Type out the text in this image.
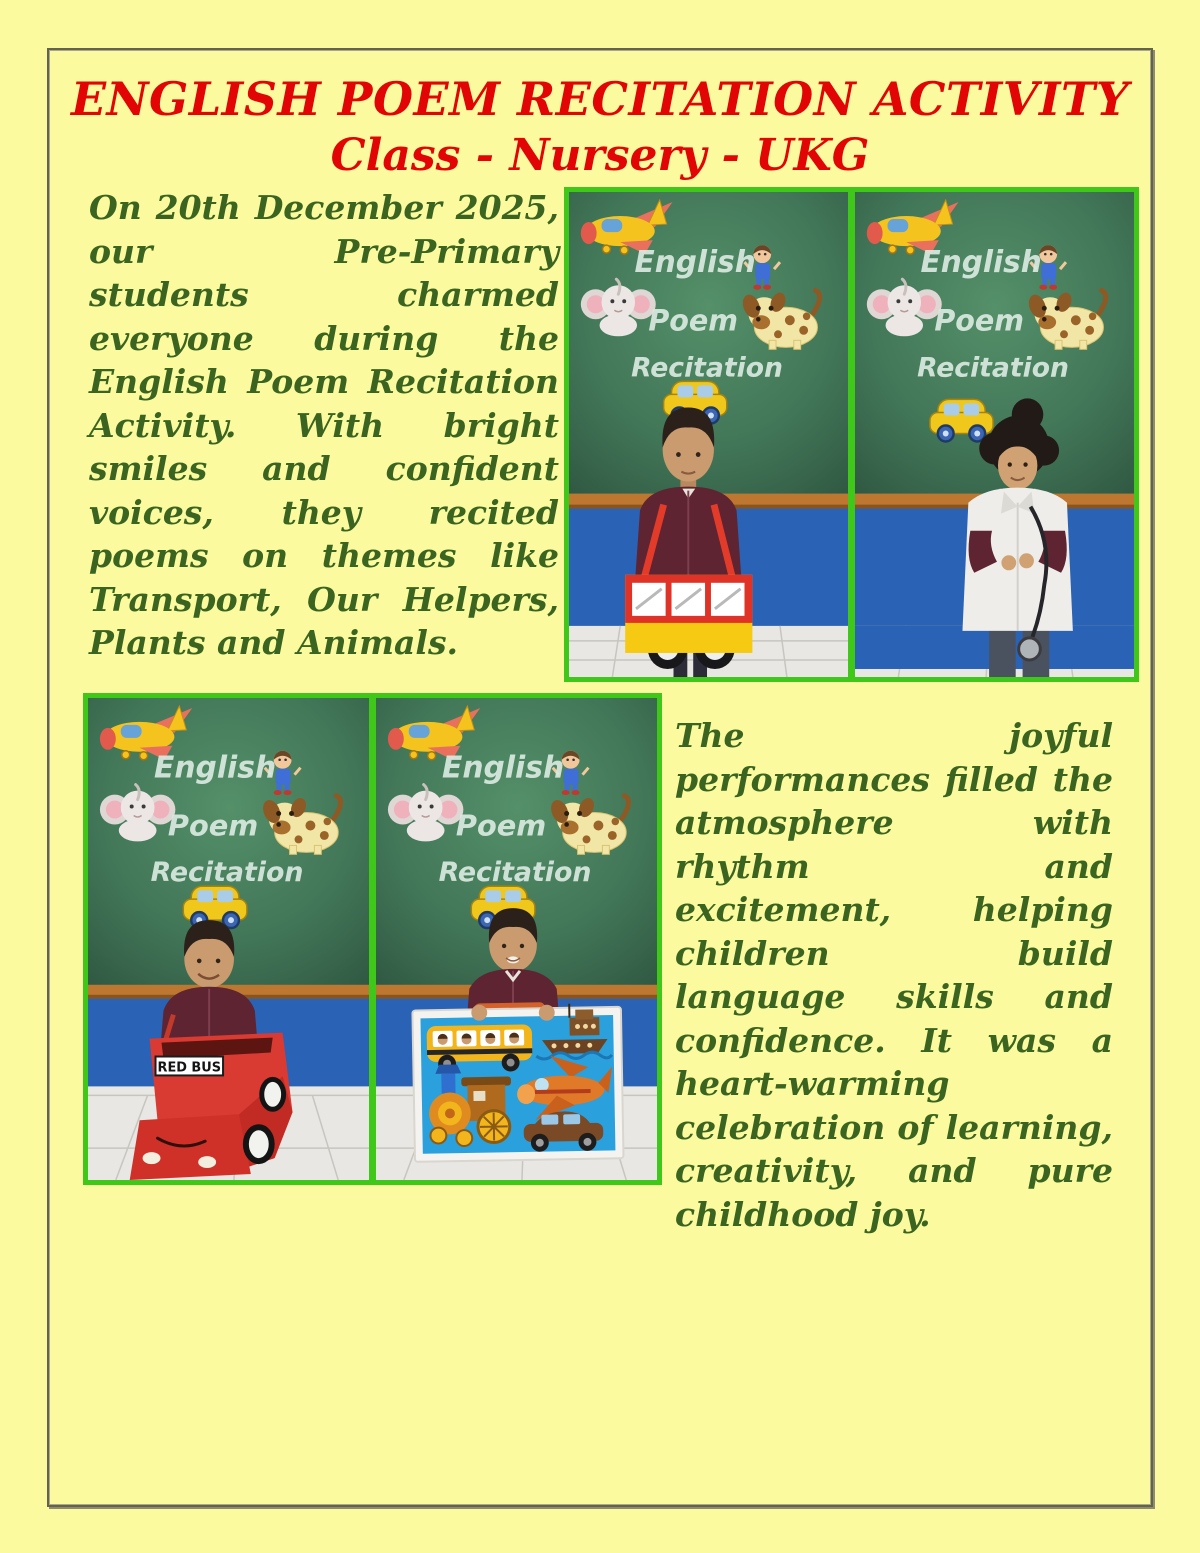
ENGLISH POEM RECITATION ACTIVITY
Class - Nursery - UKG

On 20th December 2025, our Pre-Primary students charmed everyone during the English Poem Recitation Activity. With bright smiles and confident voices, they recited poems on themes like Transport, Our Helpers, Plants and Animals.

English
Poem
Recitation
English
Poem
Recitation
English
Poem
Recitation
RED BUS
English
Poem
Recitation

The joyful performances filled the atmosphere with rhythm and excitement, helping children build language skills and confidence. It was a heart-warming celebration of learning, creativity, and pure childhood joy.
